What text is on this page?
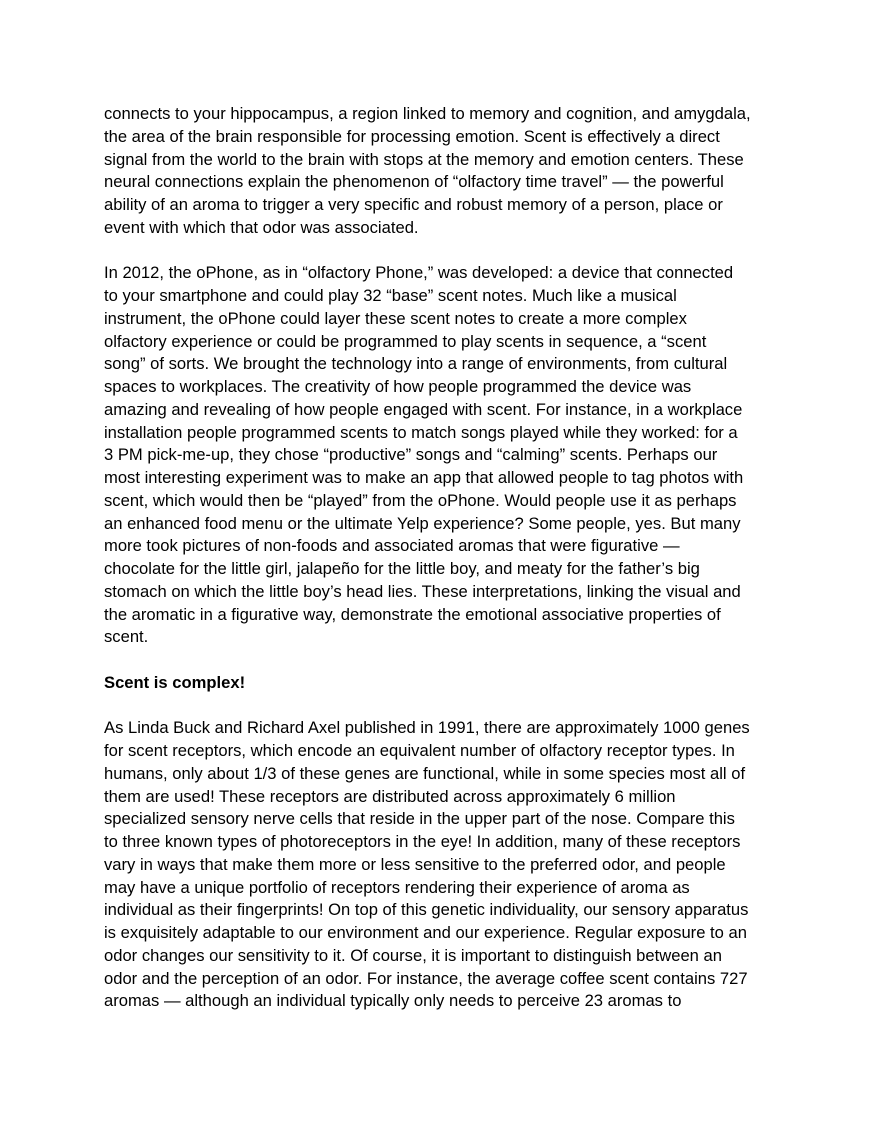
connects to your hippocampus, a region linked to memory and cognition, and amygdala,
the area of the brain responsible for processing emotion. Scent is effectively a direct
signal from the world to the brain with stops at the memory and emotion centers. These
neural connections explain the phenomenon of “olfactory time travel” — the powerful
ability of an aroma to trigger a very specific and robust memory of a person, place or
event with which that odor was associated.
In 2012, the oPhone, as in “olfactory Phone,” was developed: a device that connected
to your smartphone and could play 32 “base” scent notes. Much like a musical
instrument, the oPhone could layer these scent notes to create a more complex
olfactory experience or could be programmed to play scents in sequence, a “scent
song” of sorts. We brought the technology into a range of environments, from cultural
spaces to workplaces. The creativity of how people programmed the device was
amazing and revealing of how people engaged with scent. For instance, in a workplace
installation people programmed scents to match songs played while they worked: for a
3 PM pick-me-up, they chose “productive” songs and “calming” scents. Perhaps our
most interesting experiment was to make an app that allowed people to tag photos with
scent, which would then be “played” from the oPhone. Would people use it as perhaps
an enhanced food menu or the ultimate Yelp experience? Some people, yes. But many
more took pictures of non-foods and associated aromas that were figurative —
chocolate for the little girl, jalapeño for the little boy, and meaty for the father’s big
stomach on which the little boy’s head lies. These interpretations, linking the visual and
the aromatic in a figurative way, demonstrate the emotional associative properties of
scent.
Scent is complex!
As Linda Buck and Richard Axel published in 1991, there are approximately 1000 genes
for scent receptors, which encode an equivalent number of olfactory receptor types. In
humans, only about 1/3 of these genes are functional, while in some species most all of
them are used! These receptors are distributed across approximately 6 million
specialized sensory nerve cells that reside in the upper part of the nose. Compare this
to three known types of photoreceptors in the eye! In addition, many of these receptors
vary in ways that make them more or less sensitive to the preferred odor, and people
may have a unique portfolio of receptors rendering their experience of aroma as
individual as their fingerprints! On top of this genetic individuality, our sensory apparatus
is exquisitely adaptable to our environment and our experience. Regular exposure to an
odor changes our sensitivity to it. Of course, it is important to distinguish between an
odor and the perception of an odor. For instance, the average coffee scent contains 727
aromas — although an individual typically only needs to perceive 23 aromas to
